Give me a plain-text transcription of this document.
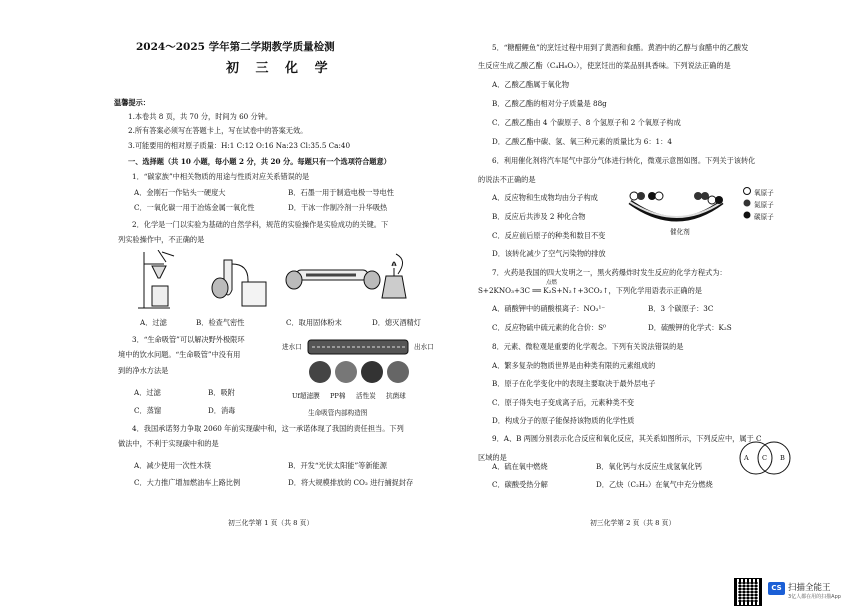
2024～2025 学年第二学期教学质量检测
初 三 化 学
温馨提示：
1.本卷共 8 页，共 70 分，时间为 60 分钟。
2.所有答案必须写在答题卡上，写在试卷中的答案无效。
3.可能要用的相对原子质量：H:1 C:12 O:16 Na:23 Cl:35.5 Ca:40
一、选择题（共 10 小题，每小题 2 分，共 20 分。每题只有一个选项符合题意）
1．“碳家族”中相关物质的用途与性质对应关系错误的是
A．金刚石一作钻头一硬度大	B．石墨一用于制造电极一导电性
C．一氧化碳一用于冶炼金属一氧化性	D．干冰一作制冷剂一升华吸热
2．化学是一门以实验为基础的自然学科，规范的实验操作是实验成功的关键。下
列实验操作中，不正确的是
A．过滤	B．检查气密性	C．取用固体粉末	D．熄灭酒精灯
3．“生命吸管”可以解决野外极限环
境中的饮水问题。“生命吸管”中没有用
到的净水方法是
A．过滤	B．吸附
C．蒸馏	D．消毒
进水口	出水口
Uf超滤膜 PP棉 活性炭 抗菌球
生命吸管内部构造图
4．我国承诺努力争取 2060 年前实现碳中和，这一承诺体现了我国的责任担当。下列
做法中，不利于实现碳中和的是
A．减少使用一次性木筷	B．开发“光伏太阳能”等新能源
C．大力推广增加燃油车上路比例	D．将大规模排放的 CO₂ 进行捕捉封存
初三化学第 1 页（共 8 页）
5．“糖醋鲤鱼”的烹饪过程中用到了黄酒和食醋。黄酒中的乙醇与食醋中的乙酸发
生反应生成乙酸乙酯（C₄H₈O₂），使烹饪出的菜品别具香味。下列说法正确的是
A．乙酸乙酯属于氧化物
B．乙酸乙酯的相对分子质量是 88g
C．乙酸乙酯由 4 个碳原子、8 个氢原子和 2 个氧原子构成
D．乙酸乙酯中碳、氢、氧三种元素的质量比为 6：1：4
6．利用催化剂将汽车尾气中部分气体进行转化，微观示意图如图。下列关于该转化
的说法不正确的是
A．反应物和生成物均由分子构成
B．反应后共涉及 2 种化合物
C．反应前后原子的种类和数目不变
D．该转化减少了空气污染物的排放
催化剂
氧原子
氮原子
碳原子
7．火药是我国的四大发明之一，黑火药爆炸时发生反应的化学方程式为：
点燃
S+2KNO₃+3C ══ K₂S+N₂↑+3CO₂↑，下列化学用语表示正确的是
A．硝酸钾中的硝酸根离子：NO₃¹⁻	B．3 个碳原子：3C
C．反应物硫中硫元素的化合价：S⁰	D．硫酸钾的化学式：K₂S
8．元素、微粒观是重要的化学观念。下列有关说法错误的是
A．繁多复杂的物质世界是由种类有限的元素组成的
B．原子在化学变化中的表现主要取决于最外层电子
C．原子得失电子变成离子后，元素种类不变
D．构成分子的原子能保持该物质的化学性质
9．A、B 两圆分别表示化合反应和氧化反应，其关系如图所示，下列反应中，属于 C
区域的是	A C B
A．硫在氧中燃烧	B．氧化钙与水反应生成氢氧化钙
C．碳酸受热分解	D．乙炔（C₂H₂）在氧气中充分燃烧
初三化学第 2 页（共 8 页）
CS 扫描全能王
3亿人都在用的扫描App
